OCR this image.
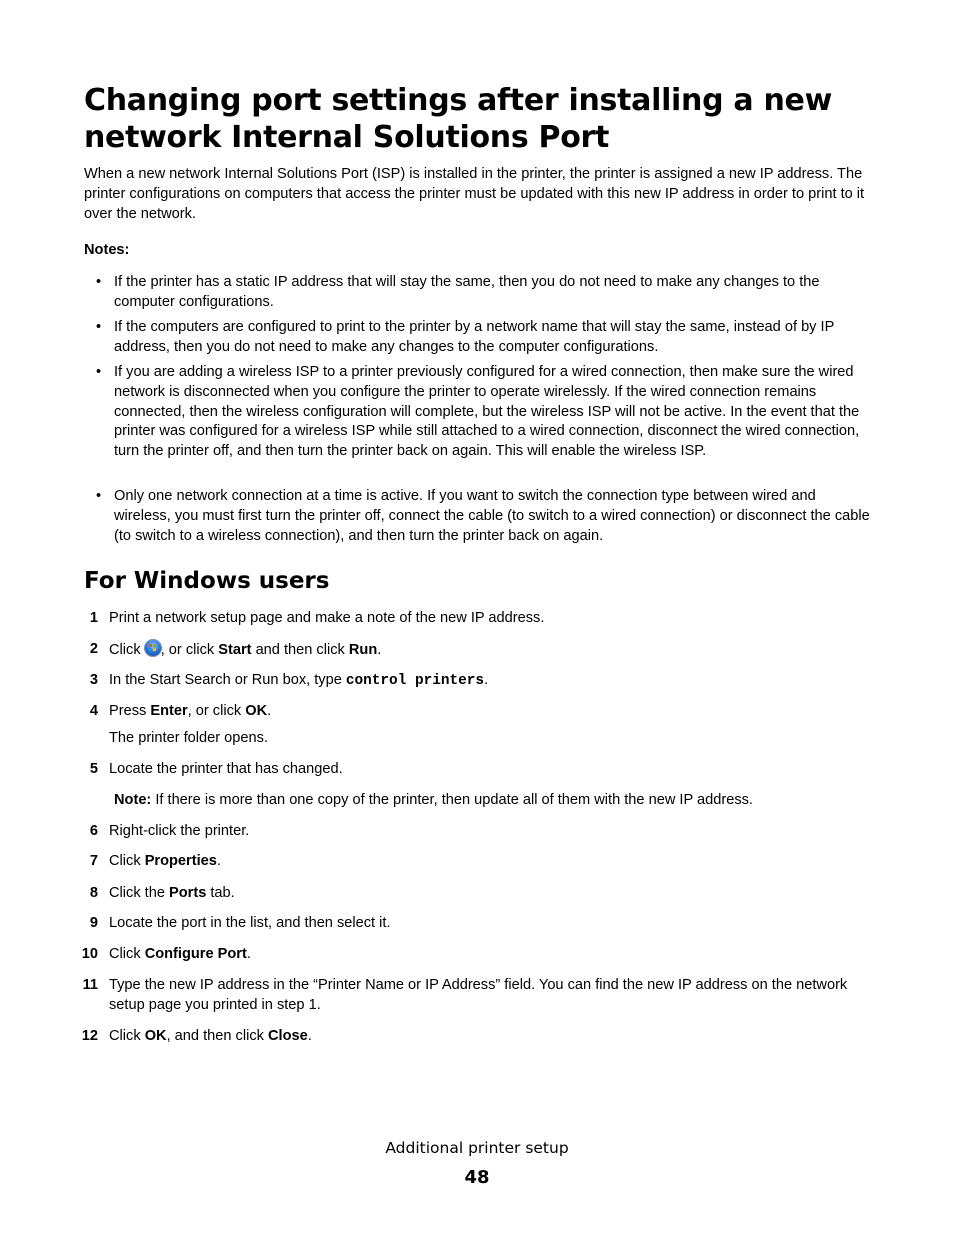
Changing port settings after installing a new network Internal Solutions Port

When a new network Internal Solutions Port (ISP) is installed in the printer, the printer is assigned a new IP address. The printer configurations on computers that access the printer must be updated with this new IP address in order to print to it over the network.

Notes:

• If the printer has a static IP address that will stay the same, then you do not need to make any changes to the computer configurations.

• If the computers are configured to print to the printer by a network name that will stay the same, instead of by IP address, then you do not need to make any changes to the computer configurations.

• If you are adding a wireless ISP to a printer previously configured for a wired connection, then make sure the wired network is disconnected when you configure the printer to operate wirelessly. If the wired connection remains connected, then the wireless configuration will complete, but the wireless ISP will not be active. In the event that the printer was configured for a wireless ISP while still attached to a wired connection, disconnect the wired connection, turn the printer off, and then turn the printer back on again. This will enable the wireless ISP.

• Only one network connection at a time is active. If you want to switch the connection type between wired and wireless, you must first turn the printer off, connect the cable (to switch to a wired connection) or disconnect the cable (to switch to a wireless connection), and then turn the printer back on again.

For Windows users

1 Print a network setup page and make a note of the new IP address.

2 Click , or click Start and then click Run.

3 In the Start Search or Run box, type control printers.

4 Press Enter, or click OK.

The printer folder opens.

5 Locate the printer that has changed.

Note: If there is more than one copy of the printer, then update all of them with the new IP address.

6 Right-click the printer.

7 Click Properties.

8 Click the Ports tab.

9 Locate the port in the list, and then select it.

10 Click Configure Port.

11 Type the new IP address in the “Printer Name or IP Address” field. You can find the new IP address on the network setup page you printed in step 1.

12 Click OK, and then click Close.

Additional printer setup

48
